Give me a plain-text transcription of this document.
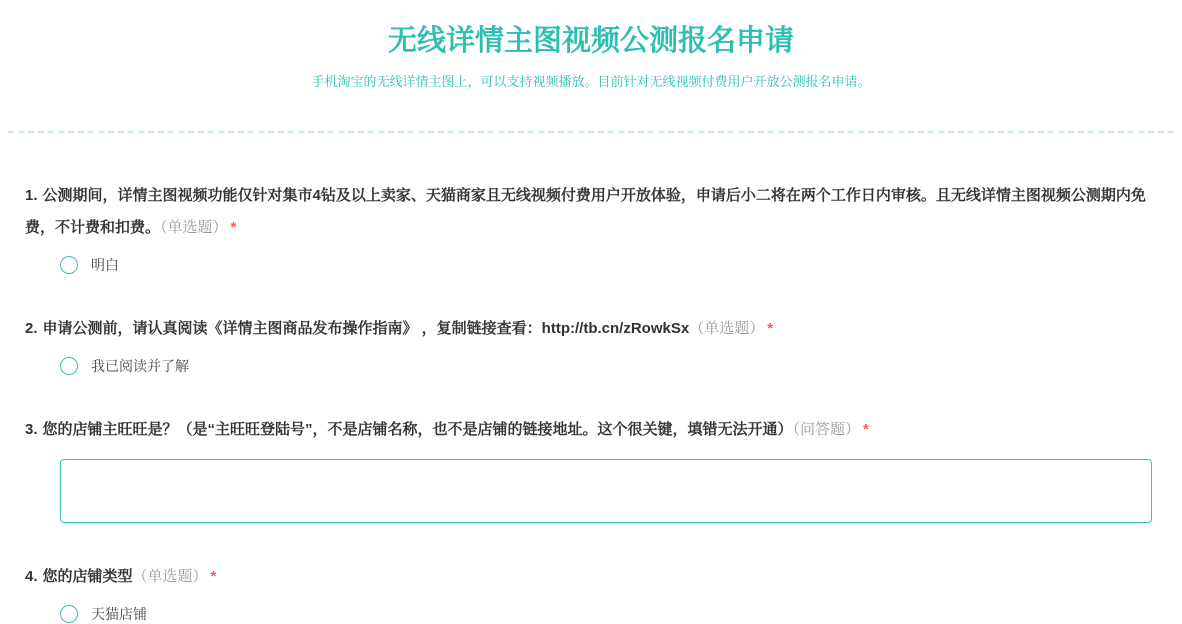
无线详情主图视频公测报名申请

手机淘宝的无线详情主图上，可以支持视频播放。目前针对无线视频付费用户开放公测报名申请。

1. 公测期间，详情主图视频功能仅针对集市4钻及以上卖家、天猫商家且无线视频付费用户开放体验，申请后小二将在两个工作日内审核。且无线详情主图视频公测期内免费，不计费和扣费。（单选题） *

明白

2. 申请公测前，请认真阅读《详情主图商品发布操作指南》 ，复制链接查看：http://tb.cn/zRowkSx（单选题） *

我已阅读并了解

3. 您的店铺主旺旺是？（是“主旺旺登陆号”，不是店铺名称，也不是店铺的链接地址。这个很关键，填错无法开通）（问答题） *

4. 您的店铺类型（单选题） *

天猫店铺
